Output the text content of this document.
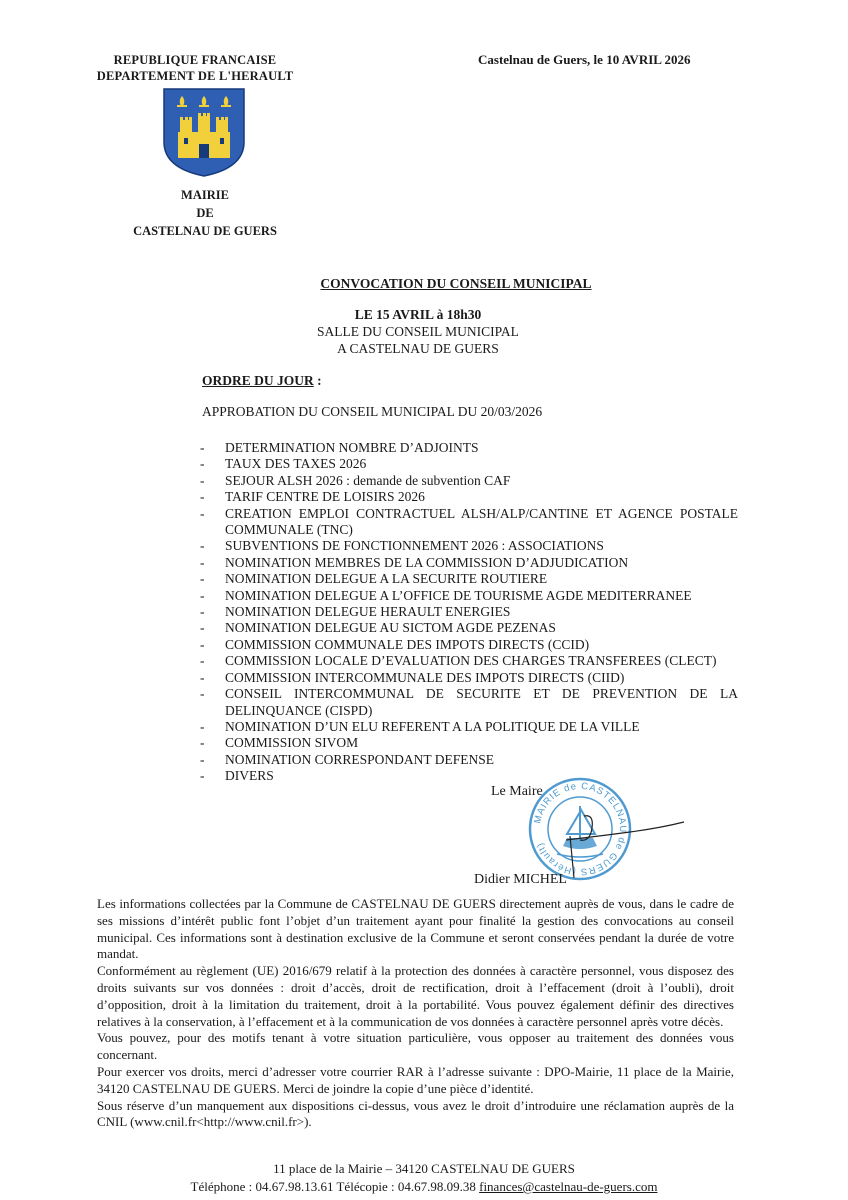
REPUBLIQUE FRANCAISE
DEPARTEMENT DE L'HERAULT
Castelnau de Guers, le 10 AVRIL 2026
MAIRIE
DE
CASTELNAU DE GUERS
CONVOCATION DU CONSEIL MUNICIPAL
LE 15 AVRIL à 18h30
SALLE DU CONSEIL MUNICIPAL
A CASTELNAU DE GUERS
ORDRE DU JOUR :
APPROBATION DU CONSEIL MUNICIPAL DU 20/03/2026
- DETERMINATION NOMBRE D’ADJOINTS
- TAUX DES TAXES 2026
- SEJOUR ALSH 2026 : demande de subvention CAF
- TARIF CENTRE DE LOISIRS 2026
- CREATION EMPLOI CONTRACTUEL ALSH/ALP/CANTINE ET AGENCE POSTALE COMMUNALE (TNC)
- SUBVENTIONS DE FONCTIONNEMENT 2026 : ASSOCIATIONS
- NOMINATION MEMBRES DE LA COMMISSION D’ADJUDICATION
- NOMINATION DELEGUE A LA SECURITE ROUTIERE
- NOMINATION DELEGUE A L’OFFICE DE TOURISME AGDE MEDITERRANEE
- NOMINATION DELEGUE HERAULT ENERGIES
- NOMINATION DELEGUE AU SICTOM AGDE PEZENAS
- COMMISSION COMMUNALE DES IMPOTS DIRECTS (CCID)
- COMMISSION LOCALE D’EVALUATION DES CHARGES TRANSFEREES (CLECT)
- COMMISSION INTERCOMMUNALE DES IMPOTS DIRECTS (CIID)
- CONSEIL INTERCOMMUNAL DE SECURITE ET DE PREVENTION DE LA DELINQUANCE (CISPD)
- NOMINATION D’UN ELU REFERENT A LA POLITIQUE DE LA VILLE
- COMMISSION SIVOM
- NOMINATION CORRESPONDANT DEFENSE
- DIVERS
MAIRIE de CASTELNAU de GUERS (Hérault)
Le Maire
Didier MICHEL

Les informations collectées par la Commune de CASTELNAU DE GUERS directement auprès de vous, dans le cadre de ses missions d’intérêt public font l’objet d’un traitement ayant pour finalité la gestion des convocations au conseil municipal. Ces informations sont à destination exclusive de la Commune et seront conservées pendant la durée de votre mandat.

Conformément au règlement (UE) 2016/679 relatif à la protection des données à caractère personnel, vous disposez des droits suivants sur vos données : droit d’accès, droit de rectification, droit à l’effacement (droit à l’oubli), droit d’opposition, droit à la limitation du traitement, droit à la portabilité. Vous pouvez également définir des directives relatives à la conservation, à l’effacement et à la communication de vos données à caractère personnel après votre décès.

Vous pouvez, pour des motifs tenant à votre situation particulière, vous opposer au traitement des données vous concernant.

Pour exercer vos droits, merci d’adresser votre courrier RAR à l’adresse suivante : DPO-Mairie, 11 place de la Mairie, 34120 CASTELNAU DE GUERS. Merci de joindre la copie d’une pièce d’identité.

Sous réserve d’un manquement aux dispositions ci-dessus, vous avez le droit d’introduire une réclamation auprès de la CNIL (www.cnil.fr<http://www.cnil.fr>).

11 place de la Mairie – 34120 CASTELNAU DE GUERS
Téléphone : 04.67.98.13.61 Télécopie : 04.67.98.09.38 finances@castelnau-de-guers.com
